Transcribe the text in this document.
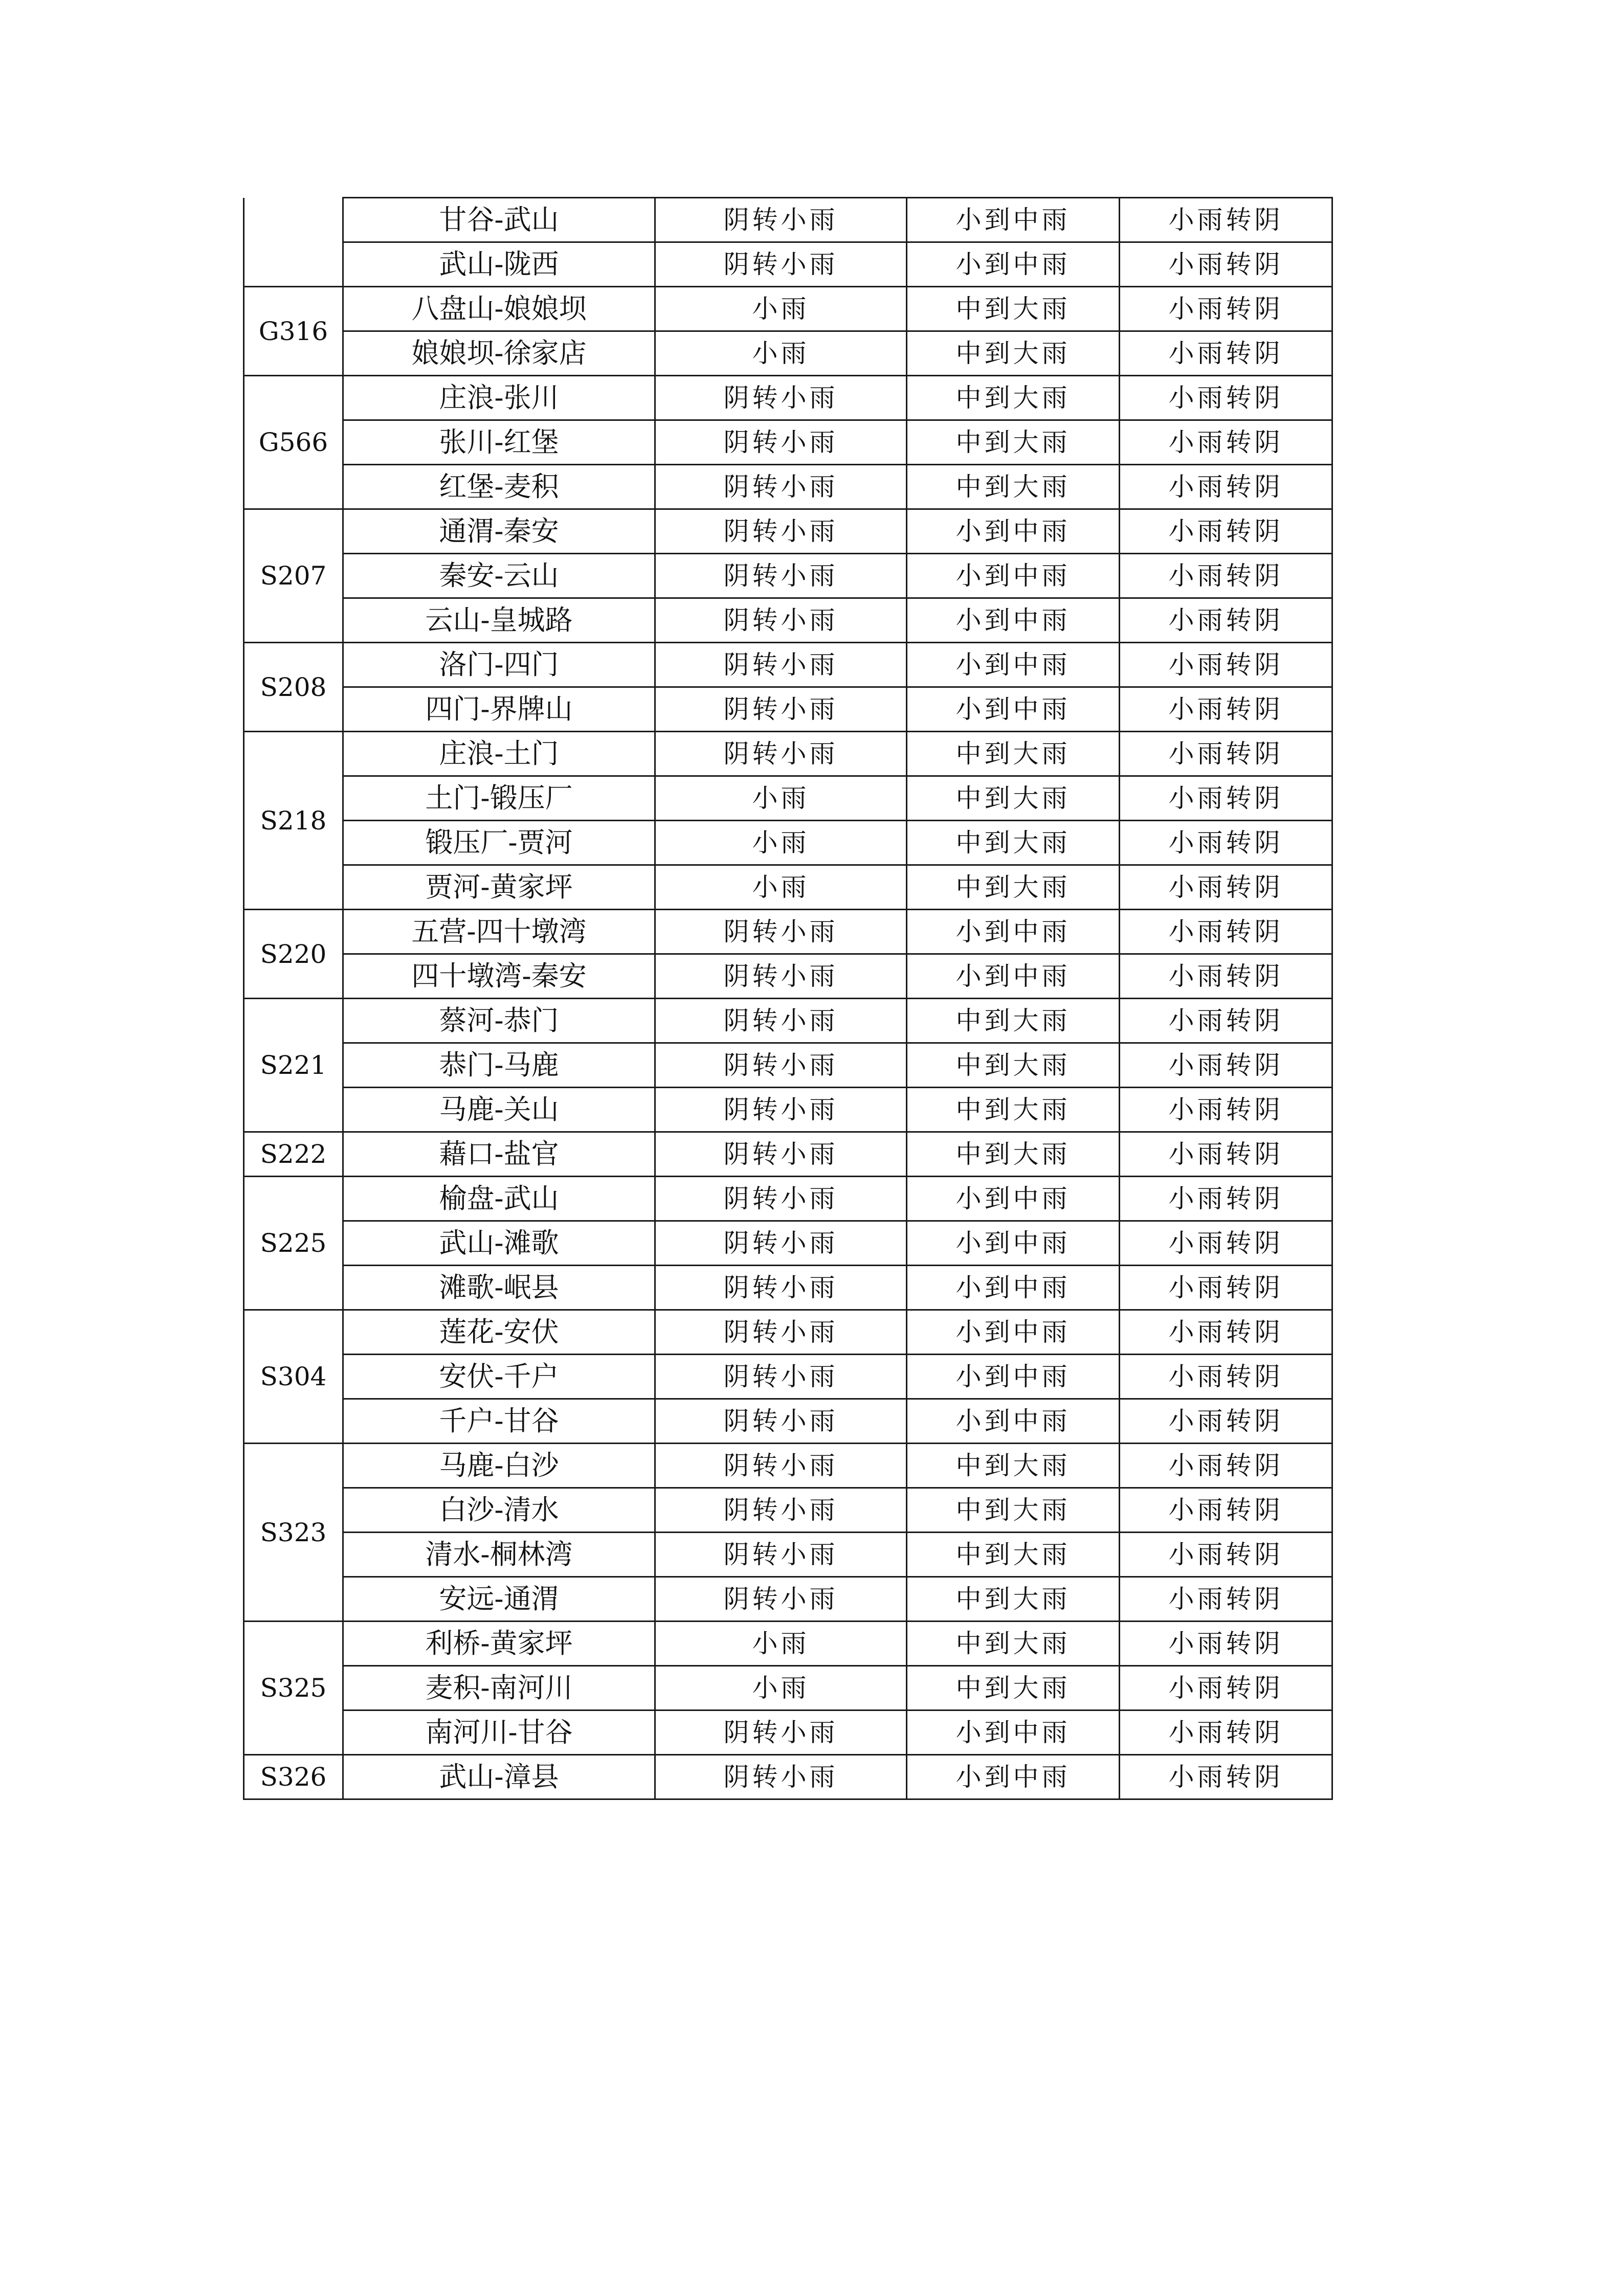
	甘谷-武山	阴转小雨	小到中雨	小雨转阴
	武山-陇西	阴转小雨	小到中雨	小雨转阴
G316	八盘山-娘娘坝	小雨	中到大雨	小雨转阴
	娘娘坝-徐家店	小雨	中到大雨	小雨转阴
G566	庄浪-张川	阴转小雨	中到大雨	小雨转阴
	张川-红堡	阴转小雨	中到大雨	小雨转阴
	红堡-麦积	阴转小雨	中到大雨	小雨转阴
S207	通渭-秦安	阴转小雨	小到中雨	小雨转阴
	秦安-云山	阴转小雨	小到中雨	小雨转阴
	云山-皇城路	阴转小雨	小到中雨	小雨转阴
S208	洛门-四门	阴转小雨	小到中雨	小雨转阴
	四门-界牌山	阴转小雨	小到中雨	小雨转阴
S218	庄浪-土门	阴转小雨	中到大雨	小雨转阴
	土门-锻压厂	小雨	中到大雨	小雨转阴
	锻压厂-贾河	小雨	中到大雨	小雨转阴
	贾河-黄家坪	小雨	中到大雨	小雨转阴
S220	五营-四十墩湾	阴转小雨	小到中雨	小雨转阴
	四十墩湾-秦安	阴转小雨	小到中雨	小雨转阴
S221	蔡河-恭门	阴转小雨	中到大雨	小雨转阴
	恭门-马鹿	阴转小雨	中到大雨	小雨转阴
	马鹿-关山	阴转小雨	中到大雨	小雨转阴
S222	藉口-盐官	阴转小雨	中到大雨	小雨转阴
S225	榆盘-武山	阴转小雨	小到中雨	小雨转阴
	武山-滩歌	阴转小雨	小到中雨	小雨转阴
	滩歌-岷县	阴转小雨	小到中雨	小雨转阴
S304	莲花-安伏	阴转小雨	小到中雨	小雨转阴
	安伏-千户	阴转小雨	小到中雨	小雨转阴
	千户-甘谷	阴转小雨	小到中雨	小雨转阴
S323	马鹿-白沙	阴转小雨	中到大雨	小雨转阴
	白沙-清水	阴转小雨	中到大雨	小雨转阴
	清水-桐林湾	阴转小雨	中到大雨	小雨转阴
	安远-通渭	阴转小雨	中到大雨	小雨转阴
S325	利桥-黄家坪	小雨	中到大雨	小雨转阴
	麦积-南河川	小雨	中到大雨	小雨转阴
	南河川-甘谷	阴转小雨	小到中雨	小雨转阴
S326	武山-漳县	阴转小雨	小到中雨	小雨转阴
